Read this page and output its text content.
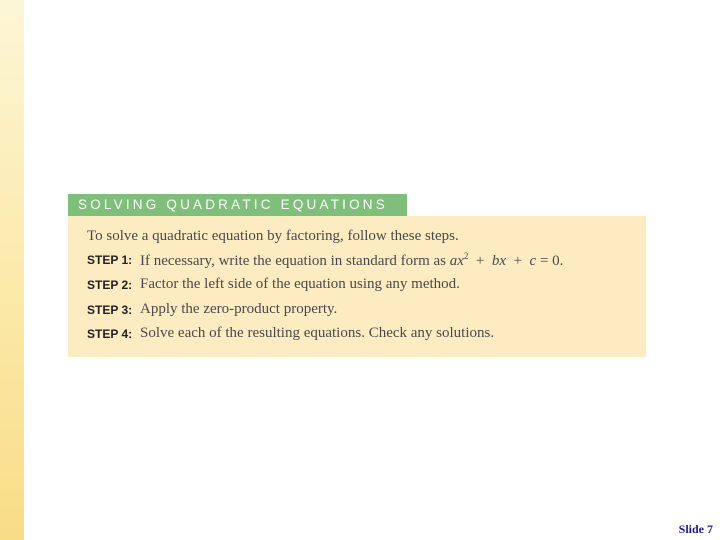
SOLVING QUADRATIC EQUATIONS
To solve a quadratic equation by factoring, follow these steps.
STEP 1: If necessary, write the equation in standard form as $ax^2$ + bx + c = 0.
STEP 2: Factor the left side of the equation using any method.
STEP 3: Apply the zero-product property.
STEP 4: Solve each of the resulting equations. Check any solutions.
Slide 7
